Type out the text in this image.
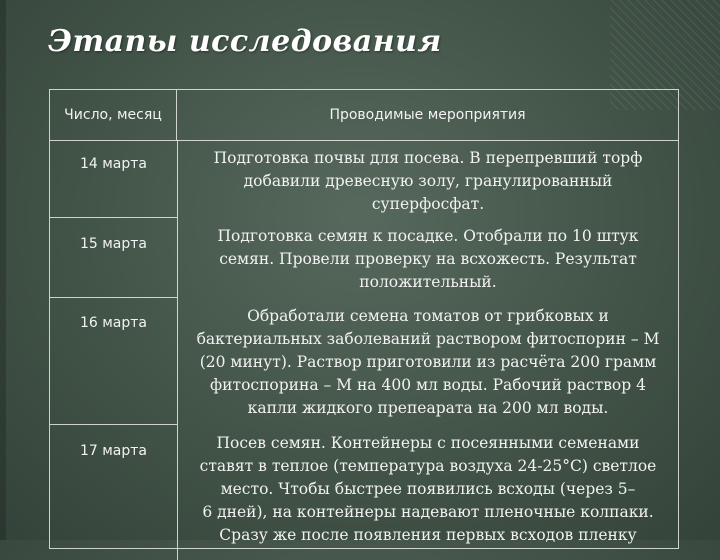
Этапы исследования
Число, месяц	Проводимые мероприятия
14 марта	Подготовка почвы для посева. В перепревший торф
добавили древесную золу, гранулированный
суперфосфат.
15 марта	Подготовка семян к посадке. Отобрали по 10 штук
семян. Провели проверку на всхожесть. Результат
положительный.
16 марта	Обработали семена томатов от грибковых и
бактериальных заболеваний раствором фитоспорин – М
(20 минут). Раствор приготовили из расчёта 200 грамм
фитоспорина – М на 400 мл воды. Рабочий раствор 4
капли жидкого препеарата на 200 мл воды.
17 марта	Посев семян. Контейнеры с посеянными семенами
ставят в теплое (температура воздуха 24-25°С) светлое
место. Чтобы быстрее появились всходы (через 5–
6 дней), на контейнеры надевают пленочные колпаки.
Сразу же после появления первых всходов пленку
